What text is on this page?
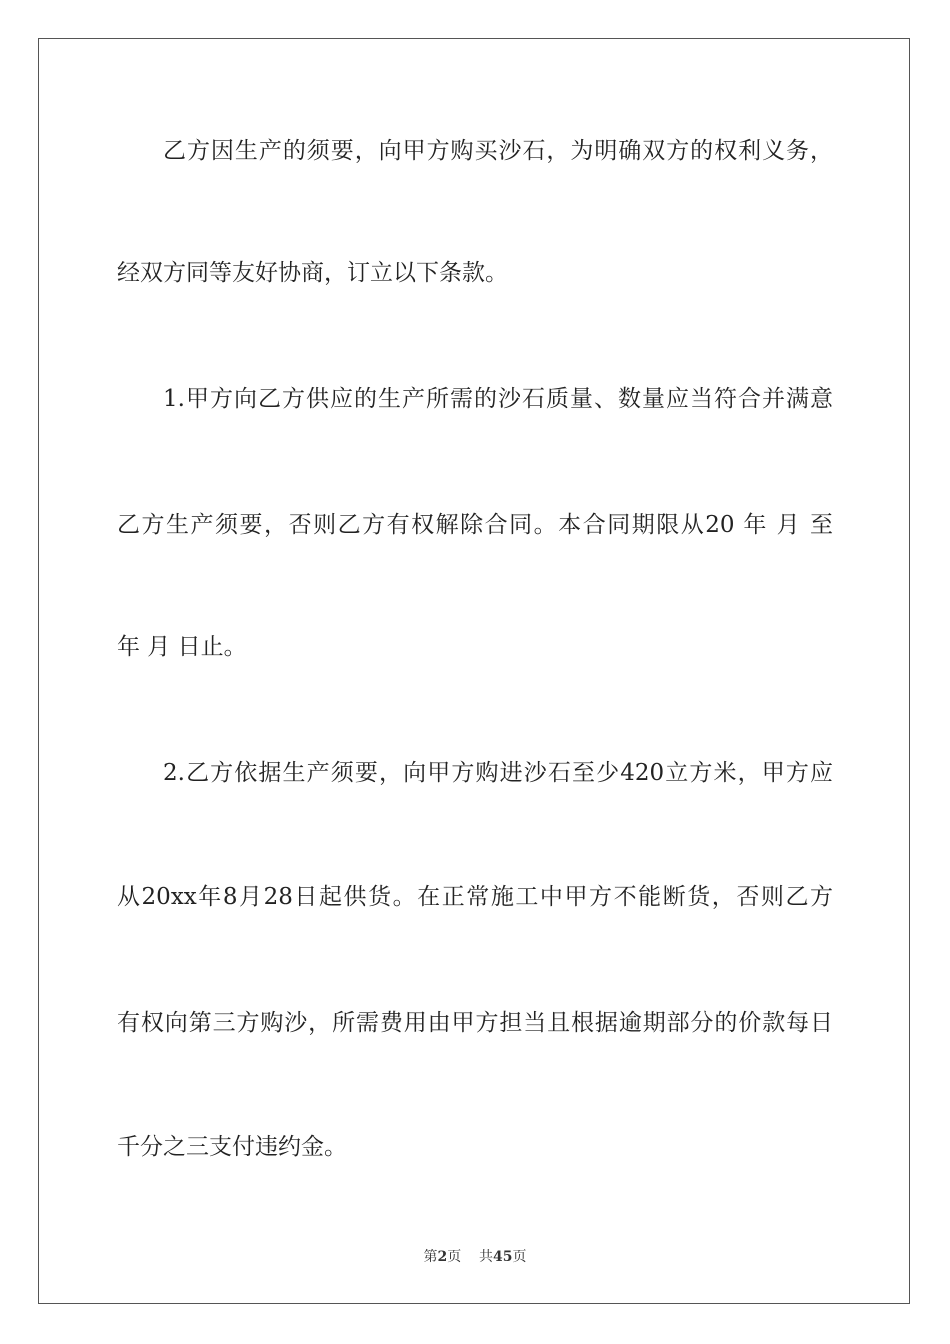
乙方因生产的须要，向甲方购买沙石，为明确双方的权利义务，
经双方同等友好协商，订立以下条款。
1.甲方向乙方供应的生产所需的沙石质量、数量应当符合并满意
乙方生产须要，否则乙方有权解除合同。本合同期限从20 年 月 至
年 月 日止。
2.乙方依据生产须要，向甲方购进沙石至少420立方米，甲方应
从20xx年8月28日起供货。在正常施工中甲方不能断货，否则乙方
有权向第三方购沙，所需费用由甲方担当且根据逾期部分的价款每日
千分之三支付违约金。
第2页 共45页
